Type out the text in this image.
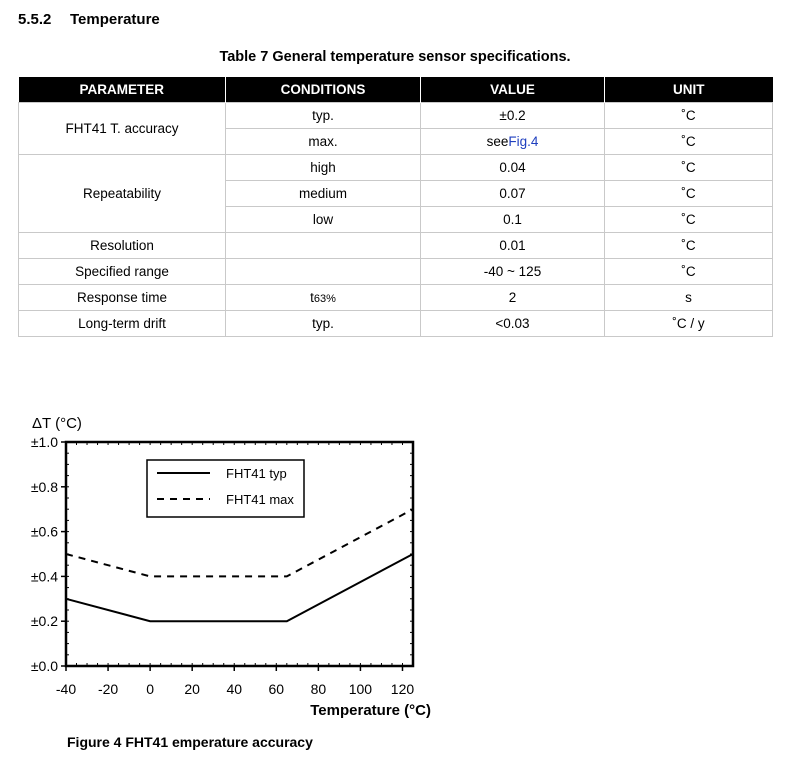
5.5.2 Temperature
Table 7 General temperature sensor specifications.
PARAMETER	CONDITIONS	VALUE	UNIT
FHT41 T. accuracy	typ.	±0.2	˚C
	max.	seeFig.4	˚C
Repeatability	high	0.04	˚C
	medium	0.07	˚C
	low	0.1	˚C
Resolution		0.01	˚C
Specified range		-40 ~ 125	˚C
Response time	t63%	2	s
Long-term drift	typ.	<0.03	˚C / y
±0.0
±0.2
±0.4
±0.6
±0.8
±1.0
-40 -20 0 20 40 60 80 100 120
ΔT (°C)
Temperature (°C)
FHT41 typ
FHT41 max
Figure 4 FHT41 emperature accuracy
